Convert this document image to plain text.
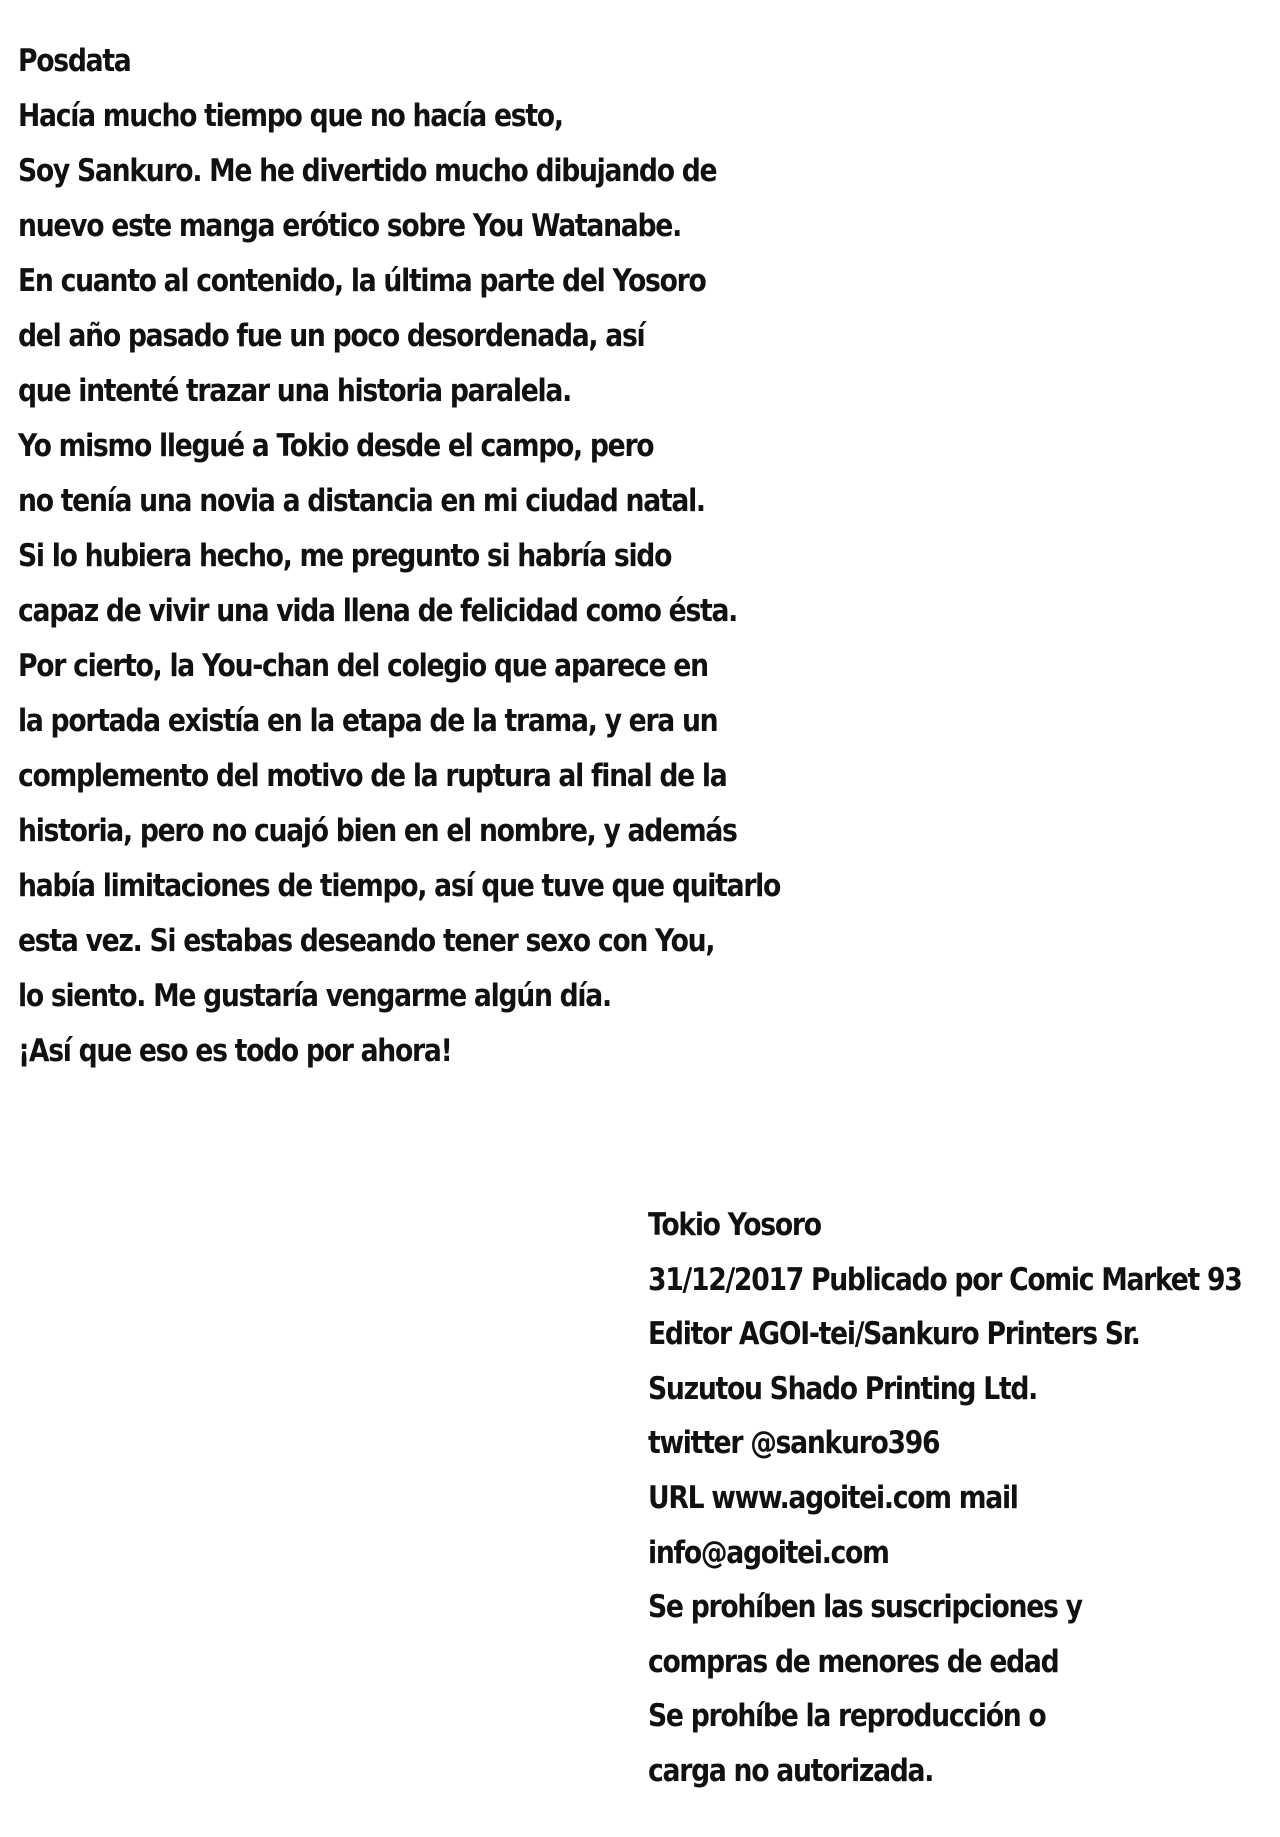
Posdata
Hacía mucho tiempo que no hacía esto,
Soy Sankuro. Me he divertido mucho dibujando de
nuevo este manga erótico sobre You Watanabe.
En cuanto al contenido, la última parte del Yosoro
del año pasado fue un poco desordenada, así
que intenté trazar una historia paralela.
Yo mismo llegué a Tokio desde el campo, pero
no tenía una novia a distancia en mi ciudad natal.
Si lo hubiera hecho, me pregunto si habría sido
capaz de vivir una vida llena de felicidad como ésta.
Por cierto, la You-chan del colegio que aparece en
la portada existía en la etapa de la trama, y era un
complemento del motivo de la ruptura al final de la
historia, pero no cuajó bien en el nombre, y además
había limitaciones de tiempo, así que tuve que quitarlo
esta vez. Si estabas deseando tener sexo con You,
lo siento. Me gustaría vengarme algún día.
¡Así que eso es todo por ahora!
Tokio Yosoro
31/12/2017 Publicado por Comic Market 93
Editor AGOI-tei/Sankuro Printers Sr.
Suzutou Shado Printing Ltd.
twitter @sankuro396
URL www.agoitei.com mail
info@agoitei.com
Se prohíben las suscripciones y
compras de menores de edad
Se prohíbe la reproducción o
carga no autorizada.
